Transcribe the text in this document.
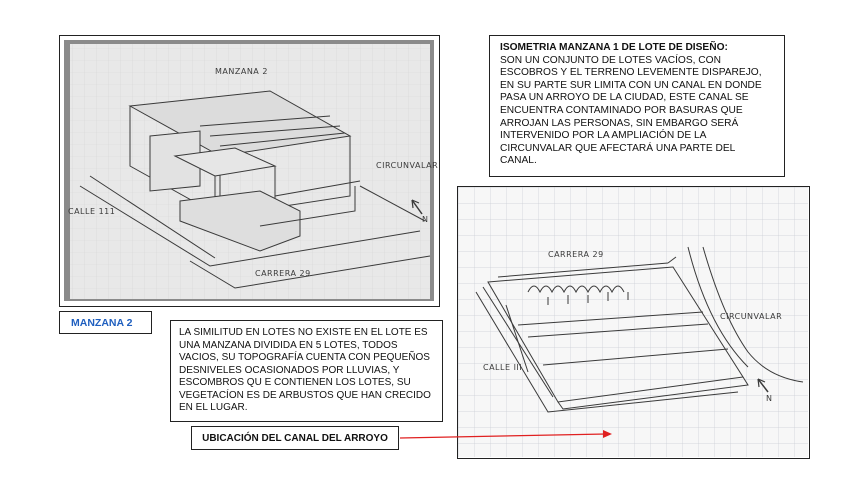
MANZANA 2
CALLE 111
CIRCUNVALAR
CARRERA 29
N
MANZANA 2
ISOMETRIA MANZANA 1 DE LOTE DE DISEÑO:
SON UN CONJUNTO DE LOTES VACÍOS, CON ESCOBROS Y EL TERRENO LEVEMENTE DISPAREJO, EN SU PARTE SUR LIMITA CON UN CANAL EN DONDE PASA UN ARROYO DE LA CIUDAD, ESTE CANAL SE ENCUENTRA CONTAMINADO POR BASURAS QUE ARROJAN LAS PERSONAS, SIN EMBARGO SERÁ INTERVENIDO POR LA AMPLIACIÓN DE LA CIRCUNVALAR QUE AFECTARÁ UNA PARTE DEL CANAL.
LA SIMILITUD EN LOTES NO EXISTE EN EL LOTE ES UNA MANZANA DIVIDIDA EN 5 LOTES, TODOS VACIOS, SU TOPOGRAFÍA CUENTA CON PEQUEÑOS DESNIVELES OCASIONADOS POR LLUVIAS, Y ESCOMBROS QU E CONTIENEN LOS LOTES, SU VEGETACÍON ES DE ARBUSTOS QUE HAN CRECIDO EN EL LUGAR.
UBICACIÓN DEL CANAL DEL ARROYO
CARRERA 29
CALLE III
CIRCUNVALAR
N
